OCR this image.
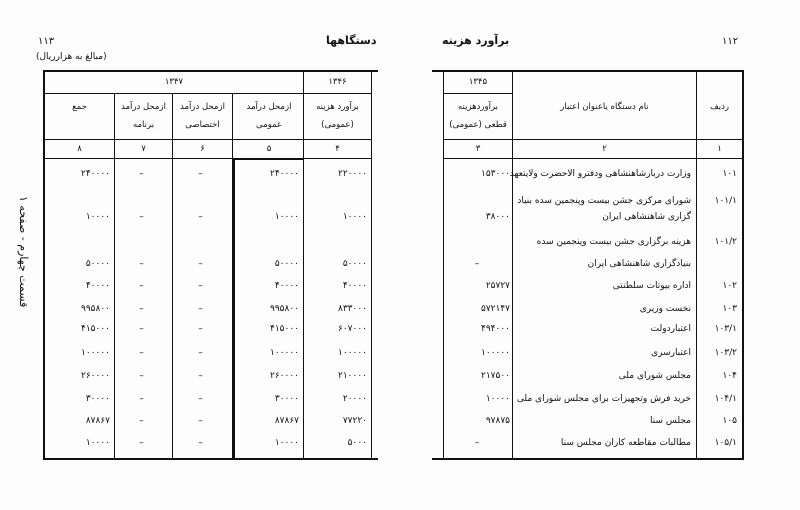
۱۱۳
(مبالغ به هزارریال)
دستگاهها
قسمت چهارم - صفحه ۱
۱۱۲
برآورد هزینه
۱۳۴۶
۱۳۴۷	۱۳۴۵
برآورد هزینه (عمومی)
۴
ازمحل درآمد عمومی
۵
ازمحل درآمد اختصاصی
۶
ازمحل درآمد برنامه
۷
جمع
۸
۲۲۰۰۰۰
۲۴۰۰۰۰
–
–
۲۴۰۰۰۰
۱۰۰۰۰
۱۰۰۰۰
–
–
۱۰۰۰۰
۵۰۰۰۰
۵۰۰۰۰
–
–
۵۰۰۰۰
۴۰۰۰۰
۴۰۰۰۰
–
–
۴۰۰۰۰
۸۳۳۰۰۰
۹۹۵۸۰۰
–
–
۹۹۵۸۰۰
۶۰۷۰۰۰
۴۱۵۰۰۰
–
–
۴۱۵۰۰۰
۱۰۰۰۰۰
۱۰۰۰۰۰
–
–
۱۰۰۰۰۰
۲۱۰۰۰۰
۲۶۰۰۰۰
–
–
۲۶۰۰۰۰
۲۰۰۰۰
۳۰۰۰۰
–
–
۳۰۰۰۰
۷۷۲۲۰
۸۷۸۶۷
–
–
۸۷۸۶۷
۵۰۰۰
۱۰۰۰۰
–
–
۱۰۰۰۰
ردیف
۱
نام دستگاه یاعنوان اعتبار
۲
برآوردهزینه قطعی (عمومی)
۳
۱۰۱
وزارت دربارشاهنشاهی ودفترو الاحضرت ولایتعهد
۱۵۳۰۰۰
۱۰۱/۱
شورای مرکزی جشن بیست وپنجمین سده بنیاد
گزاری شاهنشاهی ایران
۳۸۰۰۰
۱۰۱/۲
هزینه برگزاری جشن بیست وپنجمین سده
بنیادگزاری شاهنشاهی ایران
–
۱۰۲
اداره بیوتات سلطنتی
۲۵۷۲۷
۱۰۳
نخست وزیری
۵۷۲۱۴۷
۱۰۳/۱
اعتباردولت
۴۹۴۰۰۰
۱۰۳/۲
اعتبارسری
۱۰۰۰۰۰
۱۰۴
مجلس شورای ملی
۲۱۷۵۰۰
۱۰۴/۱
خرید فرش وتجهیزات برای مجلس شورای ملی
۱۰۰۰۰
۱۰۵
مجلس سنا
۹۷۸۷۵
۱۰۵/۱
مطالبات مقاطعه کاران مجلس سنا
–
